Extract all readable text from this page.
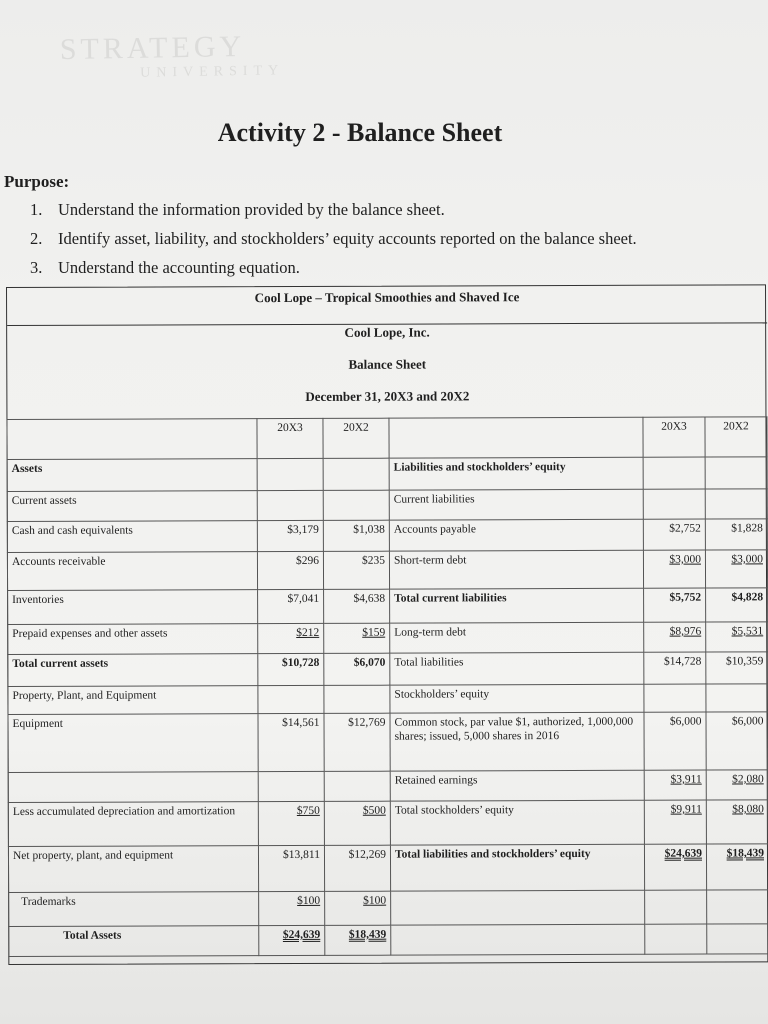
STRATEGY
UNIVERSITY
Activity 2 - Balance Sheet
Purpose:
1. Understand the information provided by the balance sheet.
2. Identify asset, liability, and stockholders’ equity accounts reported on the balance sheet.
3. Understand the accounting equation.
Cool Lope – Tropical Smoothies and Shaved Ice
Cool Lope, Inc.
Balance Sheet
December 31, 20X3 and 20X2
	20X3	20X2		20X3	20X2
Assets			Liabilities and stockholders’ equity		
Current assets			Current liabilities		
Cash and cash equivalents	$3,179	$1,038	Accounts payable	$2,752	$1,828
Accounts receivable	$296	$235	Short-term debt	$3,000	$3,000
Inventories	$7,041	$4,638	Total current liabilities	$5,752	$4,828
Prepaid expenses and other assets	$212	$159	Long-term debt	$8,976	$5,531
Total current assets	$10,728	$6,070	Total liabilities	$14,728	$10,359
Property, Plant, and Equipment			Stockholders’ equity		
Equipment	$14,561	$12,769	Common stock, par value $1, authorized, 1,000,000 shares; issued, 5,000 shares in 2016	$6,000	$6,000
			Retained earnings	$3,911	$2,080
Less accumulated depreciation and amortization	$750	$500	Total stockholders’ equity	$9,911	$8,080
Net property, plant, and equipment	$13,811	$12,269	Total liabilities and stockholders’ equity	$24,639	$18,439
Trademarks	$100	$100			
Total Assets	$24,639	$18,439			
